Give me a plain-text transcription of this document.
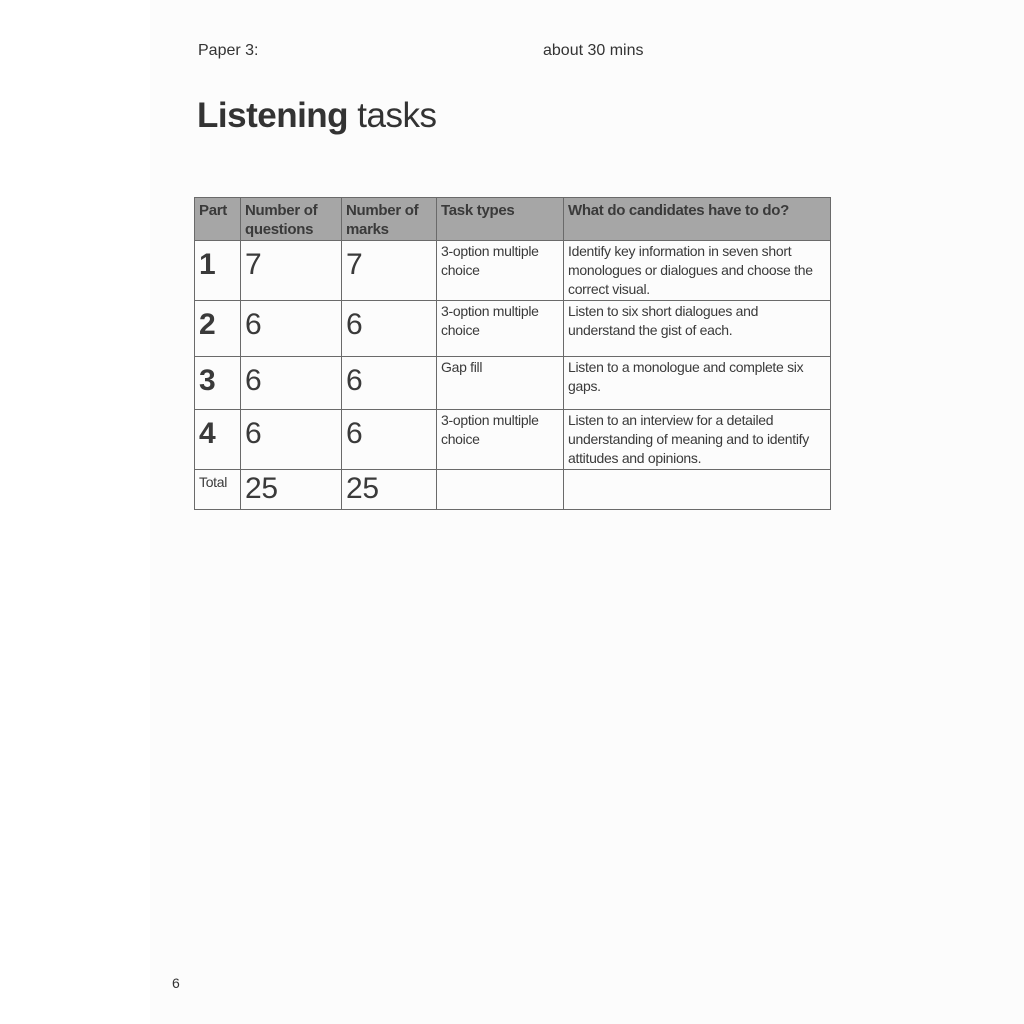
Paper 3:	about 30 mins
Listening tasks
Part	Number of questions	Number of marks	Task types	What do candidates have to do?
1	7	7	3-option multiple choice	Identify key information in seven short monologues or dialogues and choose the correct visual.
2	6	6	3-option multiple choice	Listen to six short dialogues and understand the gist of each.
3	6	6	Gap fill	Listen to a monologue and complete six gaps.
4	6	6	3-option multiple choice	Listen to an interview for a detailed understanding of meaning and to identify attitudes and opinions.
Total	25	25		
6
